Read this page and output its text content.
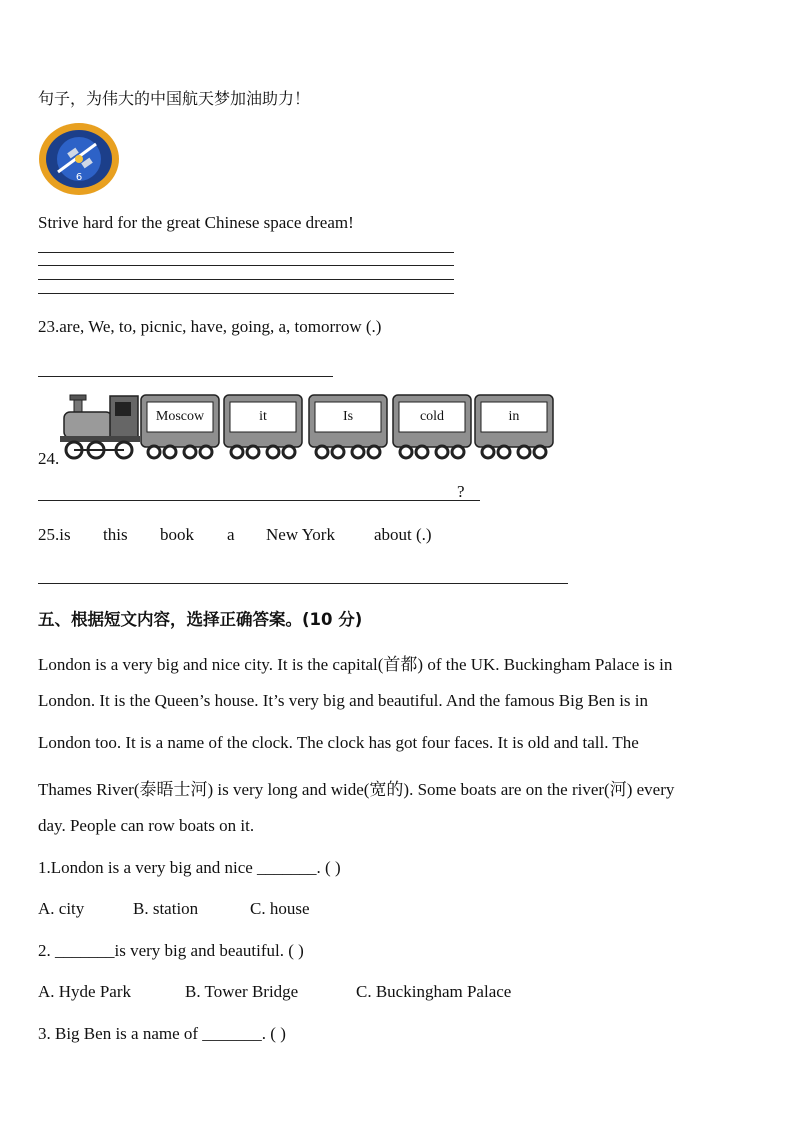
句子，为伟大的中国航天梦加油助力！
6
Strive hard for the great Chinese space dream!
23.are, We, to, picnic, have, going, a, tomorrow (.)
24.
Moscow	it	Is	cold	in
?
25.is this book a New York about (.)
五、根据短文内容，选择正确答案。(10 分)
London is a very big and nice city. It is the capital(首都) of the UK. Buckingham Palace is in
London. It is the Queen’s house. It’s very big and beautiful. And the famous Big Ben is in
London too. It is a name of the clock. The clock has got four faces. It is old and tall. The
Thames River(泰晤士河) is very long and wide(宽的). Some boats are on the river(河) every
day. People can row boats on it.
1.London is a very big and nice _______. ( )
A. city	B. station	C. house
2. _______is very big and beautiful. ( )
A. Hyde Park	B. Tower Bridge	C. Buckingham Palace
3. Big Ben is a name of _______. ( )
